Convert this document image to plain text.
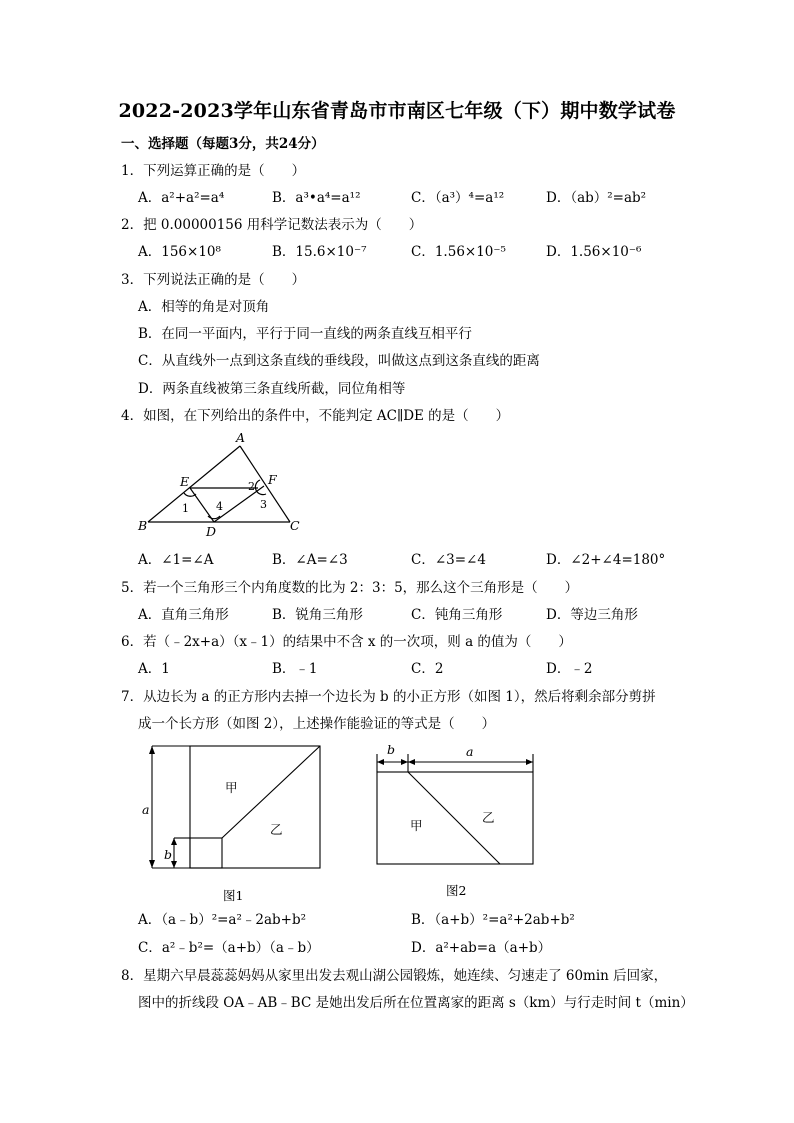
2022-2023学年山东省青岛市市南区七年级（下）期中数学试卷
一、选择题（每题3分，共24分）
1．下列运算正确的是（　　）
A．a²+a²=a⁴	B．a³•a⁴=a¹²	C．（a³）⁴=a¹²	D．（ab）²=ab²
2．把 0.00000156 用科学记数法表示为（　　）
A．156×10⁸	B．15.6×10⁻⁷	C．1.56×10⁻⁵	D．1.56×10⁻⁶
3．下列说法正确的是（　　）
A．相等的角是对顶角
B．在同一平面内，平行于同一直线的两条直线互相平行
C．从直线外一点到这条直线的垂线段，叫做这点到这条直线的距离
D．两条直线被第三条直线所截，同位角相等
4．如图，在下列给出的条件中，不能判定 AC∥DE 的是（　　）
A
E	F
B	D	C
1
2
3
4
A．∠1=∠A	B．∠A=∠3	C．∠3=∠4	D．∠2+∠4=180°
5．若一个三角形三个内角度数的比为 2：3：5，那么这个三角形是（　　）
A．直角三角形	B．锐角三角形	C．钝角三角形	D．等边三角形
6．若（﹣2x+a）（x﹣1）的结果中不含 x 的一次项，则 a 的值为（　　）
A．1	B．﹣1	C．2	D．﹣2
7．从边长为 a 的正方形内去掉一个边长为 b 的小正方形（如图 1），然后将剩余部分剪拼
成一个长方形（如图 2），上述操作能验证的等式是（　　）
a
b
甲
乙
图1
b	a
甲
乙
图2
A．（a﹣b）²=a²﹣2ab+b²	B．（a+b）²=a²+2ab+b²
C．a²﹣b²=（a+b）（a﹣b）	D．a²+ab=a（a+b）
8．星期六早晨蕊蕊妈妈从家里出发去观山湖公园锻炼，她连续、匀速走了 60min 后回家，
图中的折线段 OA﹣AB﹣BC 是她出发后所在位置离家的距离 s（km）与行走时间 t（min）
